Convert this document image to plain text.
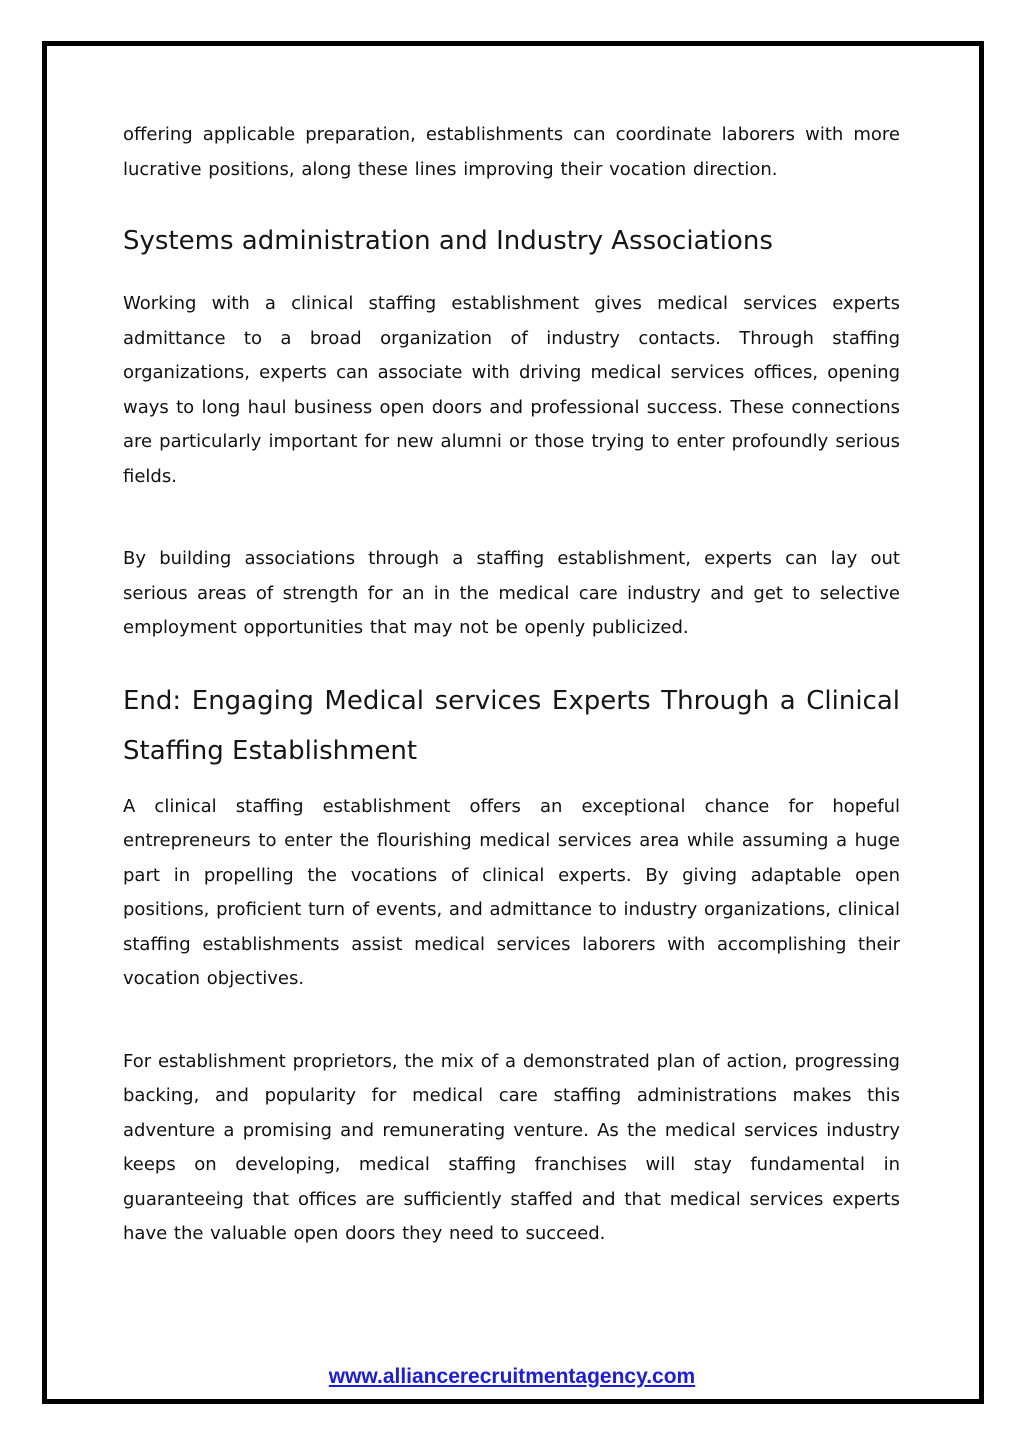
offering applicable preparation, establishments can coordinate laborers with more lucrative positions, along these lines improving their vocation direction.

Systems administration and Industry Associations

Working with a clinical staffing establishment gives medical services experts admittance to a broad organization of industry contacts. Through staffing organizations, experts can associate with driving medical services offices, opening ways to long haul business open doors and professional success. These connections are particularly important for new alumni or those trying to enter profoundly serious fields.

By building associations through a staffing establishment, experts can lay out serious areas of strength for an in the medical care industry and get to selective employment opportunities that may not be openly publicized.

End: Engaging Medical services Experts Through a Clinical Staffing Establishment

A clinical staffing establishment offers an exceptional chance for hopeful entrepreneurs to enter the flourishing medical services area while assuming a huge part in propelling the vocations of clinical experts. By giving adaptable open positions, proficient turn of events, and admittance to industry organizations, clinical staffing establishments assist medical services laborers with accomplishing their vocation objectives.

For establishment proprietors, the mix of a demonstrated plan of action, progressing backing, and popularity for medical care staffing administrations makes this adventure a promising and remunerating venture. As the medical services industry keeps on developing, medical staffing franchises will stay fundamental in guaranteeing that offices are sufficiently staffed and that medical services experts have the valuable open doors they need to succeed.

www.alliancerecruitmentagency.com
